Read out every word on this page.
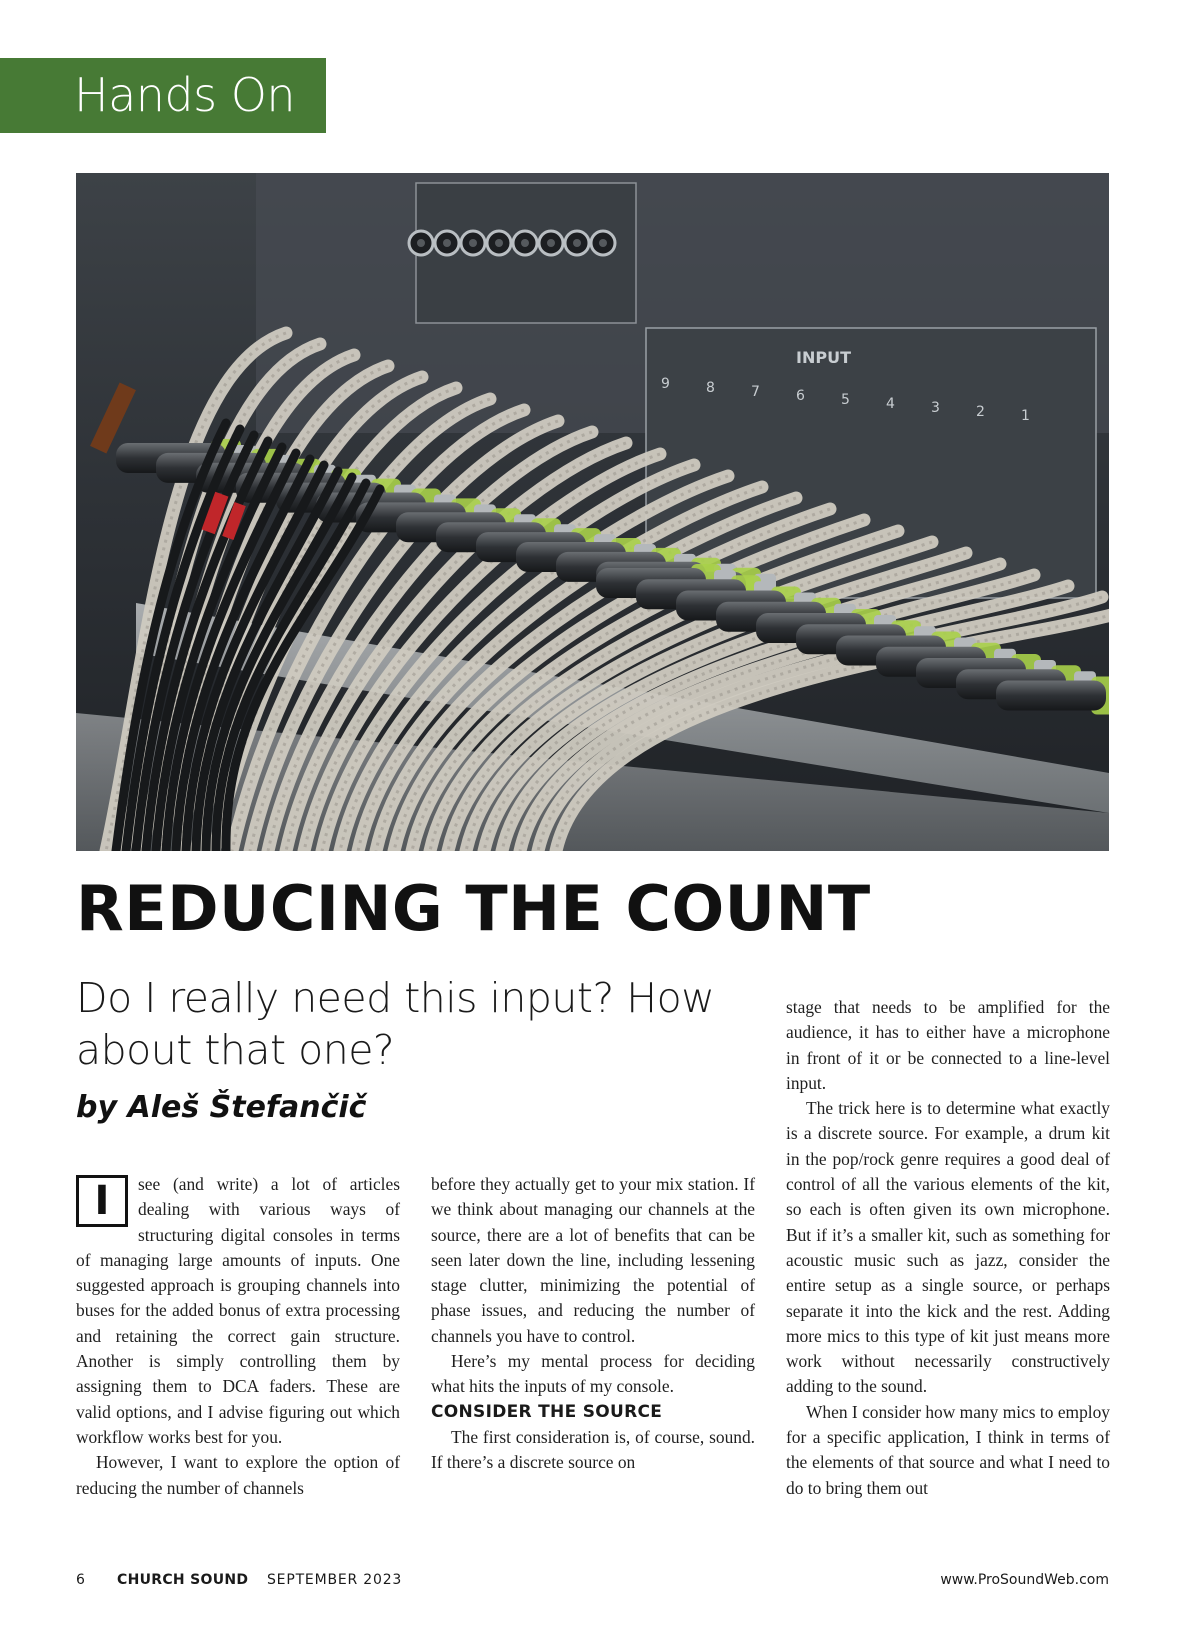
Hands On
INPUT
9	8	7	6	5	4	3	2	1
REDUCING THE COUNT
Do I really need this input? How about that one?

by Aleš Štefančič

I	see (and write) a lot of articles dealing with various ways of structuring digital consoles in terms of managing large amounts of inputs. One suggested approach is grouping channels into buses for the added bonus of extra processing and retaining the correct gain structure. Another is simply controlling them by assigning them to DCA faders. These are valid options, and I advise figuring out which workflow works best for you.

However, I want to explore the option of reducing the number of channels

before they actually get to your mix station. If we think about managing our channels at the source, there are a lot of benefits that can be seen later down the line, including lessening stage clutter, minimizing the potential of phase issues, and reducing the number of channels you have to control.

Here’s my mental process for deciding what hits the inputs of my console.

CONSIDER THE SOURCE

The first consideration is, of course, sound. If there’s a discrete source on

stage that needs to be amplified for the audience, it has to either have a microphone in front of it or be connected to a line-level input.

The trick here is to determine what exactly is a discrete source. For example, a drum kit in the pop/rock genre requires a good deal of control of all the various elements of the kit, so each is often given its own microphone. But if it’s a smaller kit, such as something for acoustic music such as jazz, consider the entire setup as a single source, or perhaps separate it into the kick and the rest. Adding more mics to this type of kit just means more work without necessarily constructively adding to the sound.

When I consider how many mics to employ for a specific application, I think in terms of the elements of that source and what I need to do to bring them out

6 CHURCH SOUND SEPTEMBER 2023	www.ProSoundWeb.com
